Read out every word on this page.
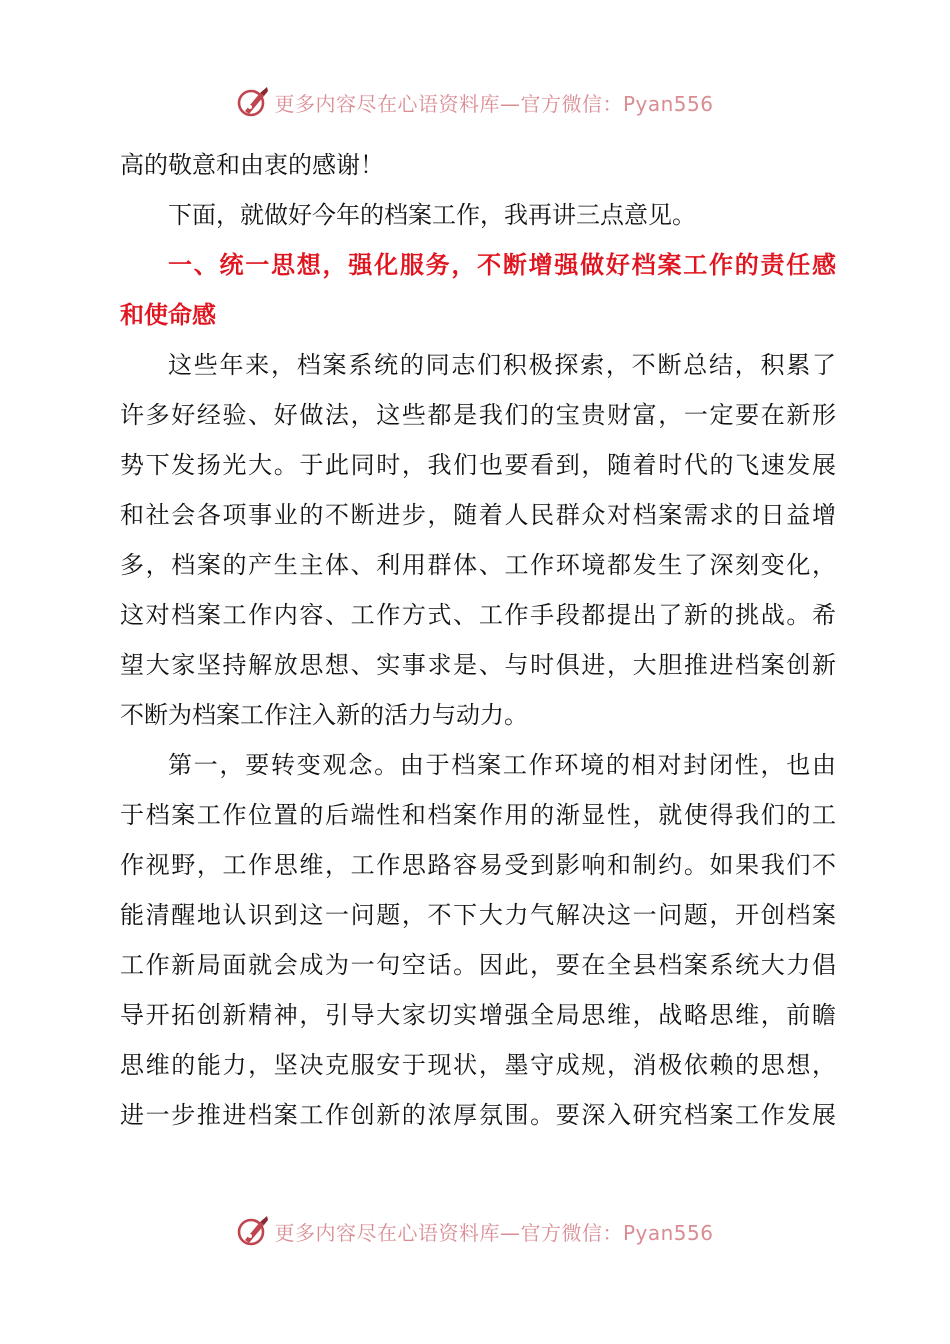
更多内容尽在心语资料库—官方微信：Pyan556
高的敬意和由衷的感谢！
下面，就做好今年的档案工作，我再讲三点意见。
一、统一思想，强化服务，不断增强做好档案工作的责任感
和使命感
这些年来，档案系统的同志们积极探索，不断总结，积累了
许多好经验、好做法，这些都是我们的宝贵财富，一定要在新形
势下发扬光大。于此同时，我们也要看到，随着时代的飞速发展
和社会各项事业的不断进步，随着人民群众对档案需求的日益增
多，档案的产生主体、利用群体、工作环境都发生了深刻变化，
这对档案工作内容、工作方式、工作手段都提出了新的挑战。希
望大家坚持解放思想、实事求是、与时俱进，大胆推进档案创新
不断为档案工作注入新的活力与动力。
第一，要转变观念。由于档案工作环境的相对封闭性，也由
于档案工作位置的后端性和档案作用的渐显性，就使得我们的工
作视野，工作思维，工作思路容易受到影响和制约。如果我们不
能清醒地认识到这一问题，不下大力气解决这一问题，开创档案
工作新局面就会成为一句空话。因此，要在全县档案系统大力倡
导开拓创新精神，引导大家切实增强全局思维，战略思维，前瞻
思维的能力，坚决克服安于现状，墨守成规，消极依赖的思想，
进一步推进档案工作创新的浓厚氛围。要深入研究档案工作发展
更多内容尽在心语资料库—官方微信：Pyan556
